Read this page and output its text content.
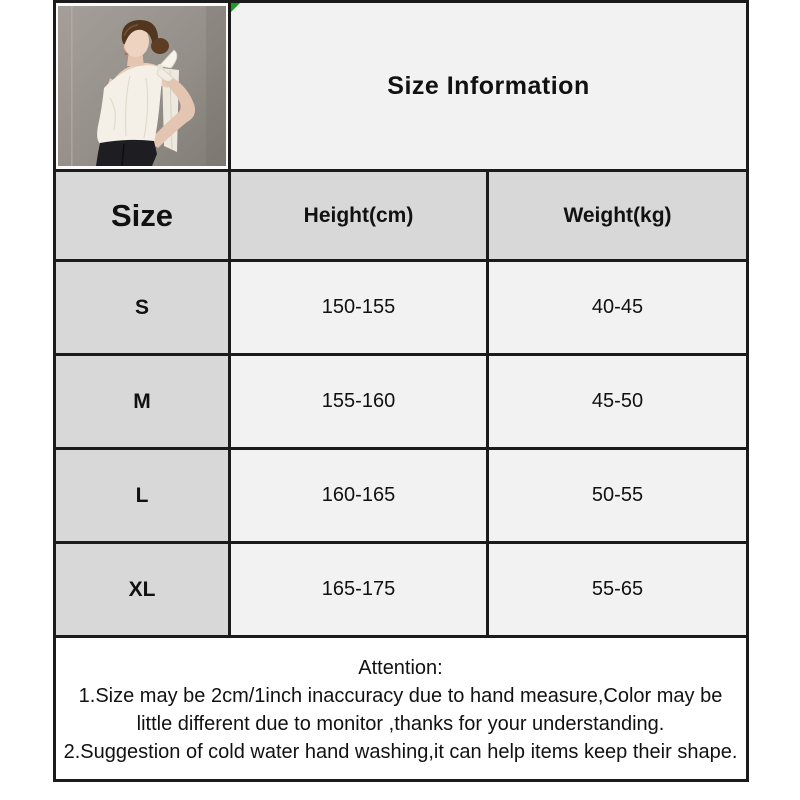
Size Information	
Size	Height(cm)	Weight(kg)
S	150-155	40-45
M	155-160	45-50
L	160-165	50-55
XL	165-175	55-65

Attention:
1.Size may be 2cm/1inch inaccuracy due to hand measure,Color may be little different due to monitor ,thanks for your understanding.
2.Suggestion of cold water hand washing,it can help items keep their shape.		
